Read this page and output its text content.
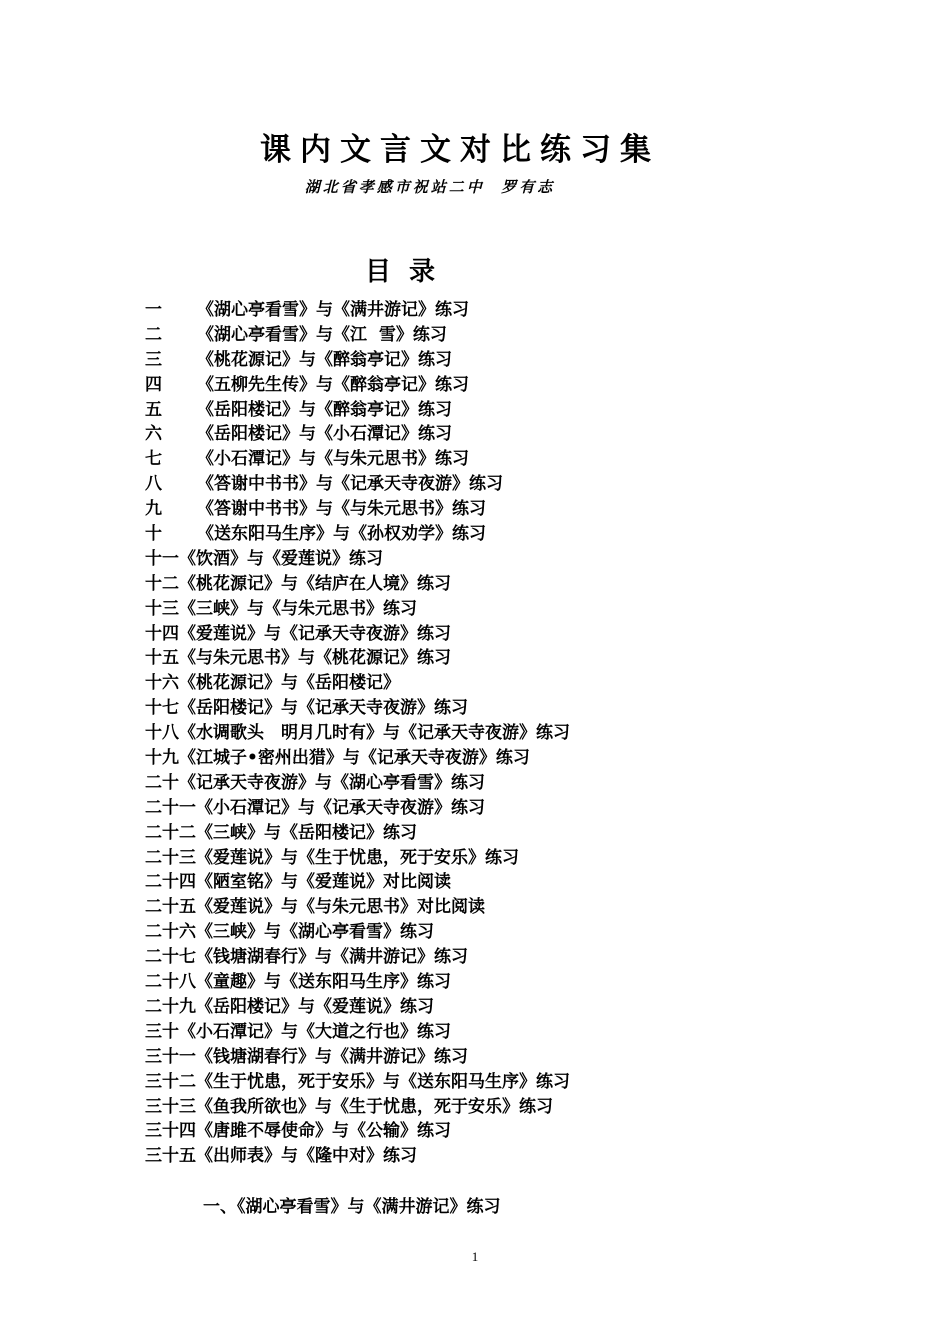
课内文言文对比练习集
湖北省孝感市祝站二中  罗有志
目  录
一	《湖心亭看雪》与《满井游记》练习
二	《湖心亭看雪》与《江  雪》练习
三	《桃花源记》与《醉翁亭记》练习
四	《五柳先生传》与《醉翁亭记》练习
五	《岳阳楼记》与《醉翁亭记》练习
六	《岳阳楼记》与《小石潭记》练习
七	《小石潭记》与《与朱元思书》练习
八	《答谢中书书》与《记承天寺夜游》练习
九	《答谢中书书》与《与朱元思书》练习
十	《送东阳马生序》与《孙权劝学》练习
十一 《饮酒》与《爱莲说》练习
十二 《桃花源记》与《结庐在人境》练习
十三 《三峡》与《与朱元思书》练习
十四 《爱莲说》与《记承天寺夜游》练习
十五 《与朱元思书》与《桃花源记》练习
十六 《桃花源记》与《岳阳楼记》
十七 《岳阳楼记》与《记承天寺夜游》练习
十八 《水调歌头　明月几时有》与《记承天寺夜游》练习
十九 《江城子•密州出猎》与《记承天寺夜游》练习
二十 《记承天寺夜游》与《湖心亭看雪》练习
二十一 《小石潭记》与《记承天寺夜游》练习
二十二 《三峡》与《岳阳楼记》练习
二十三 《爱莲说》与《生于忧患，死于安乐》练习
二十四 《陋室铭》与《爱莲说》对比阅读
二十五 《爱莲说》与《与朱元思书》对比阅读
二十六 《三峡》与《湖心亭看雪》练习
二十七 《钱塘湖春行》与《满井游记》练习
二十八 《童趣》与《送东阳马生序》练习
二十九 《岳阳楼记》与《爱莲说》练习
三十 《小石潭记》与《大道之行也》练习
三十一 《钱塘湖春行》与《满井游记》练习
三十二 《生于忧患，死于安乐》与《送东阳马生序》练习
三十三 《鱼我所欲也》与《生于忧患，死于安乐》练习
三十四 《唐雎不辱使命》与《公输》练习
三十五 《出师表》与《隆中对》练习
一、《湖心亭看雪》与《满井游记》练习
1
